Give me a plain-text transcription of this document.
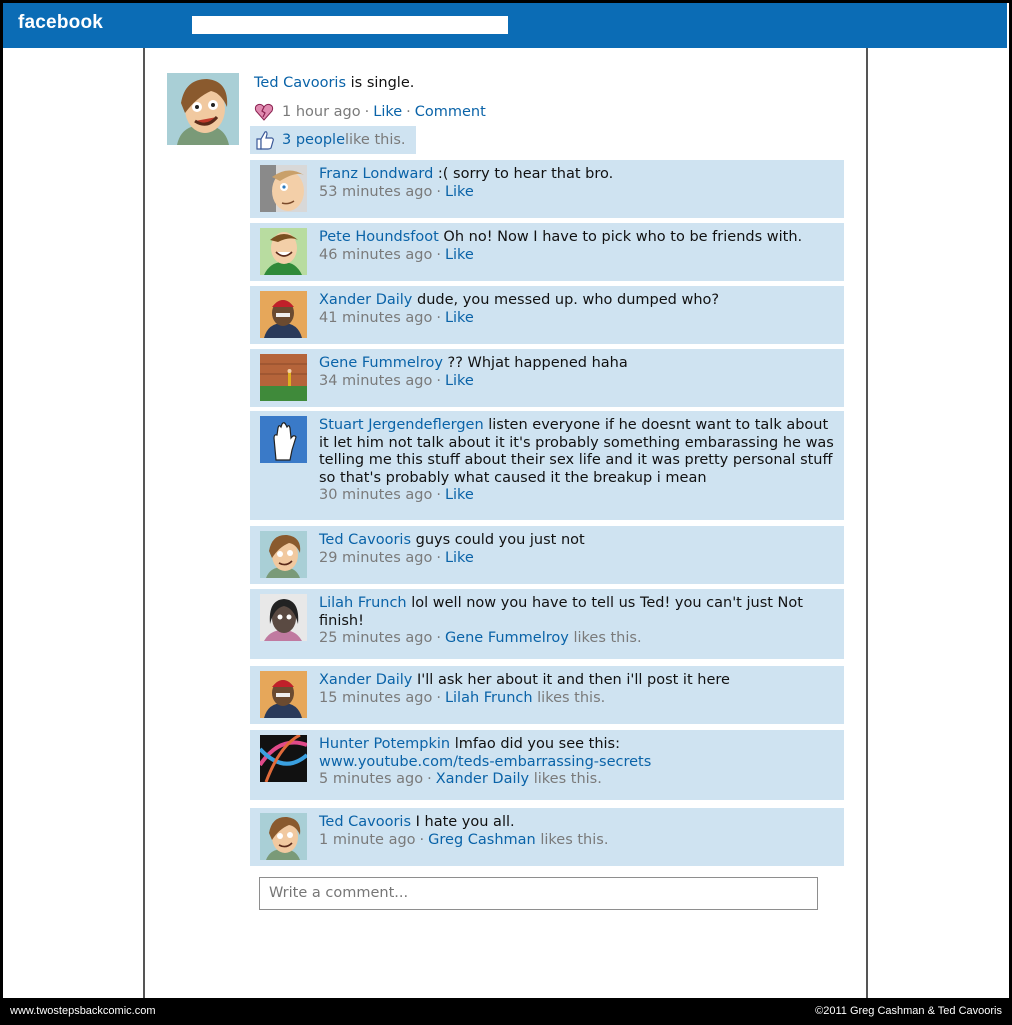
facebook
Ted Cavooris is single.
1 hour ago · Like · Comment
3 people like this.
Franz Londward :( sorry to hear that bro.
53 minutes ago · Like
Pete Houndsfoot Oh no! Now I have to pick who to be friends with.
46 minutes ago · Like
Xander Daily dude, you messed up. who dumped who?
41 minutes ago · Like
Gene Fummelroy ?? Whjat happened haha
34 minutes ago · Like
Stuart Jergendeflergen listen everyone if he doesnt want to talk about it let him not talk about it it's probably something embarassing he was telling me this stuff about their sex life and it was pretty personal stuff so that's probably what caused it the breakup i mean
30 minutes ago · Like
Ted Cavooris guys could you just not
29 minutes ago · Like
Lilah Frunch lol well now you have to tell us Ted! you can't just Not finish!
25 minutes ago · Gene Fummelroy likes this.
Xander Daily I'll ask her about it and then i'll post it here
15 minutes ago · Lilah Frunch likes this.
Hunter Potempkin lmfao did you see this:
www.youtube.com/teds-embarrassing-secrets
5 minutes ago · Xander Daily likes this.
Ted Cavooris I hate you all.
1 minute ago · Greg Cashman likes this.
Write a comment...
www.twostepsbackcomic.com	©2011 Greg Cashman & Ted Cavooris
